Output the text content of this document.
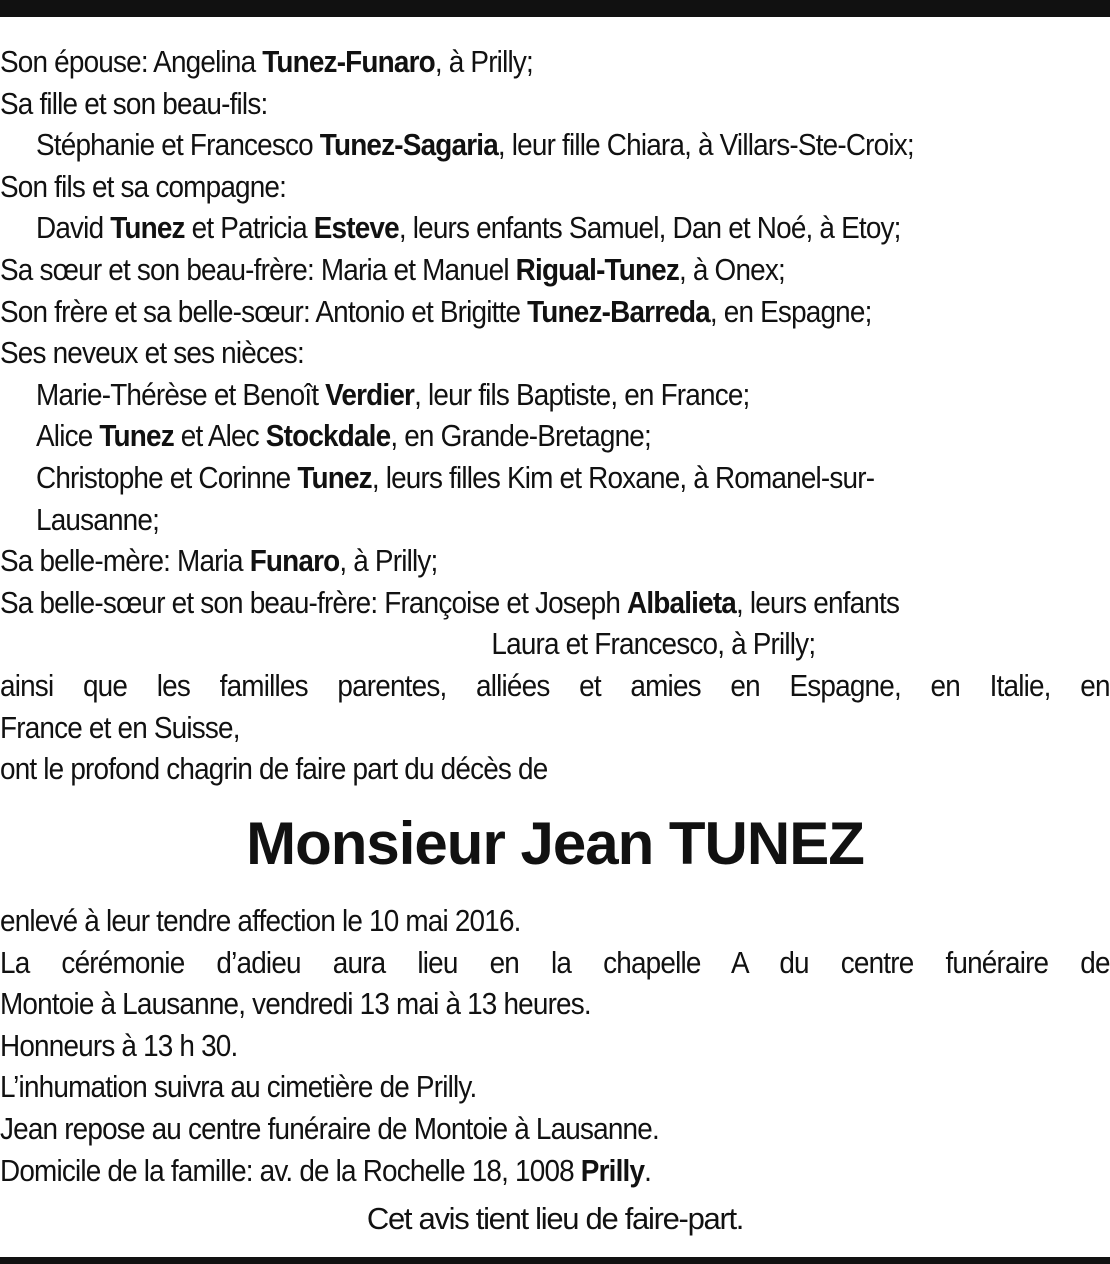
Son épouse: Angelina Tunez-Funaro, à Prilly;
Sa fille et son beau-fils:
Stéphanie et Francesco Tunez-Sagaria, leur fille Chiara, à Villars-Ste-Croix;
Son fils et sa compagne:
David Tunez et Patricia Esteve, leurs enfants Samuel, Dan et Noé, à Etoy;
Sa sœur et son beau-frère: Maria et Manuel Rigual-Tunez, à Onex;
Son frère et sa belle-sœur: Antonio et Brigitte Tunez-Barreda, en Espagne;
Ses neveux et ses nièces:
Marie-Thérèse et Benoît Verdier, leur fils Baptiste, en France;
Alice Tunez et Alec Stockdale, en Grande-Bretagne;
Christophe et Corinne Tunez, leurs filles Kim et Roxane, à Romanel-sur-
Lausanne;
Sa belle-mère: Maria Funaro, à Prilly;
Sa belle-sœur et son beau-frère: Françoise et Joseph Albalieta, leurs enfants
Laura et Francesco, à Prilly;
ainsi que les familles parentes, alliées et amies en Espagne, en Italie, en
France et en Suisse,
ont le profond chagrin de faire part du décès de
Monsieur Jean TUNEZ
enlevé à leur tendre affection le 10 mai 2016.
La cérémonie d’adieu aura lieu en la chapelle A du centre funéraire de
Montoie à Lausanne, vendredi 13 mai à 13 heures.
Honneurs à 13 h 30.
L’inhumation suivra au cimetière de Prilly.
Jean repose au centre funéraire de Montoie à Lausanne.
Domicile de la famille: av. de la Rochelle 18, 1008 Prilly.
Cet avis tient lieu de faire-part.
